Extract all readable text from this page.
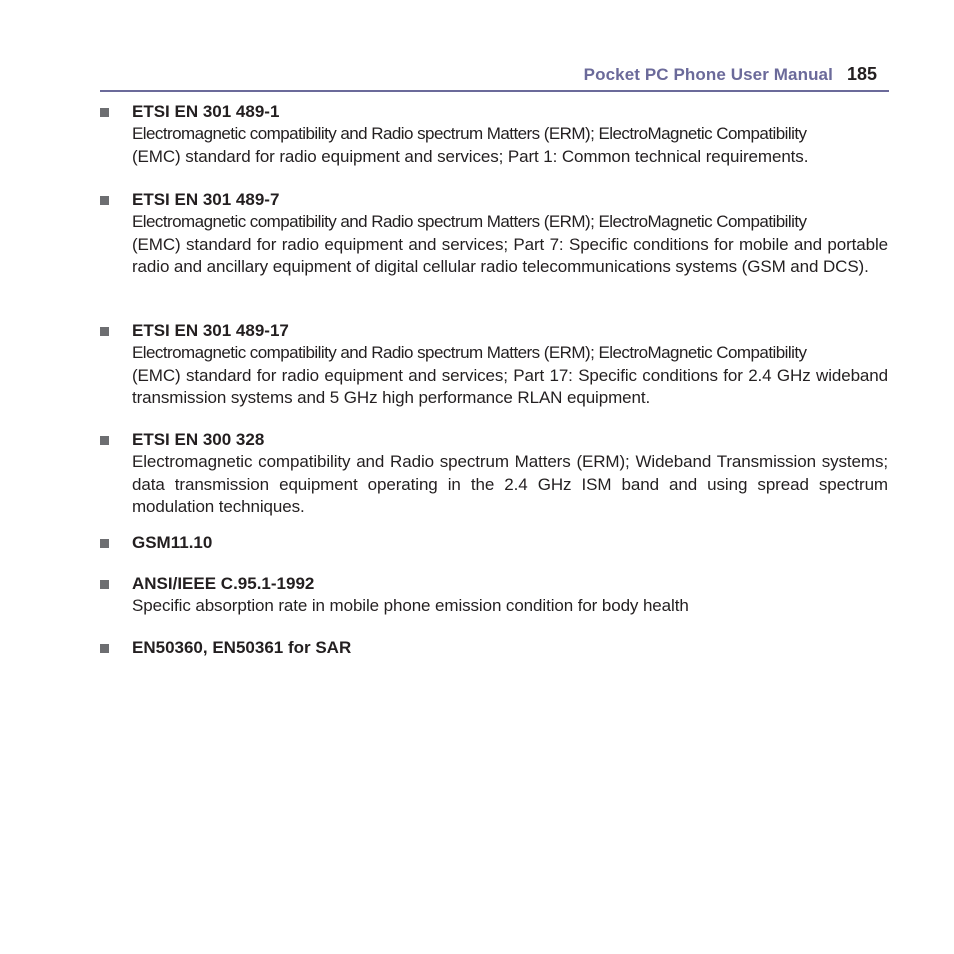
Pocket PC Phone User Manual 185
ETSI EN 301 489-1
Electromagnetic compatibility and Radio spectrum Matters (ERM); ElectroMagnetic Compatibility
(EMC) standard for radio equipment and services; Part 1: Common technical requirements.
ETSI EN 301 489-7
Electromagnetic compatibility and Radio spectrum Matters (ERM); ElectroMagnetic Compatibility
(EMC) standard for radio equipment and services; Part 7: Specific conditions for mobile and portable radio and ancillary equipment of digital cellular radio telecommunications systems (GSM and DCS).
ETSI EN 301 489-17
Electromagnetic compatibility and Radio spectrum Matters (ERM); ElectroMagnetic Compatibility
(EMC) standard for radio equipment and services; Part 17: Specific conditions for 2.4 GHz wideband transmission systems and 5 GHz high performance RLAN equipment.
ETSI EN 300 328
Electromagnetic compatibility and Radio spectrum Matters (ERM); Wideband Transmission systems; data transmission equipment operating in the 2.4 GHz ISM band and using spread spectrum modulation techniques.
GSM11.10
ANSI/IEEE C.95.1-1992
Specific absorption rate in mobile phone emission condition for body health
EN50360, EN50361 for SAR
